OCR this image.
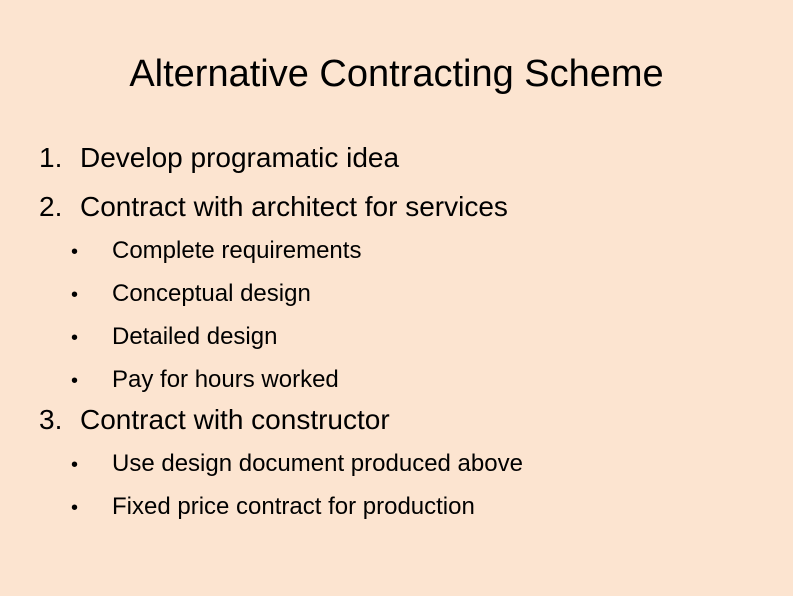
Alternative Contracting Scheme
1. Develop programatic idea
2. Contract with architect for services
•	Complete requirements
•	Conceptual design
•	Detailed design
•	Pay for hours worked
3. Contract with constructor
•	Use design document produced above
•	Fixed price contract for production
